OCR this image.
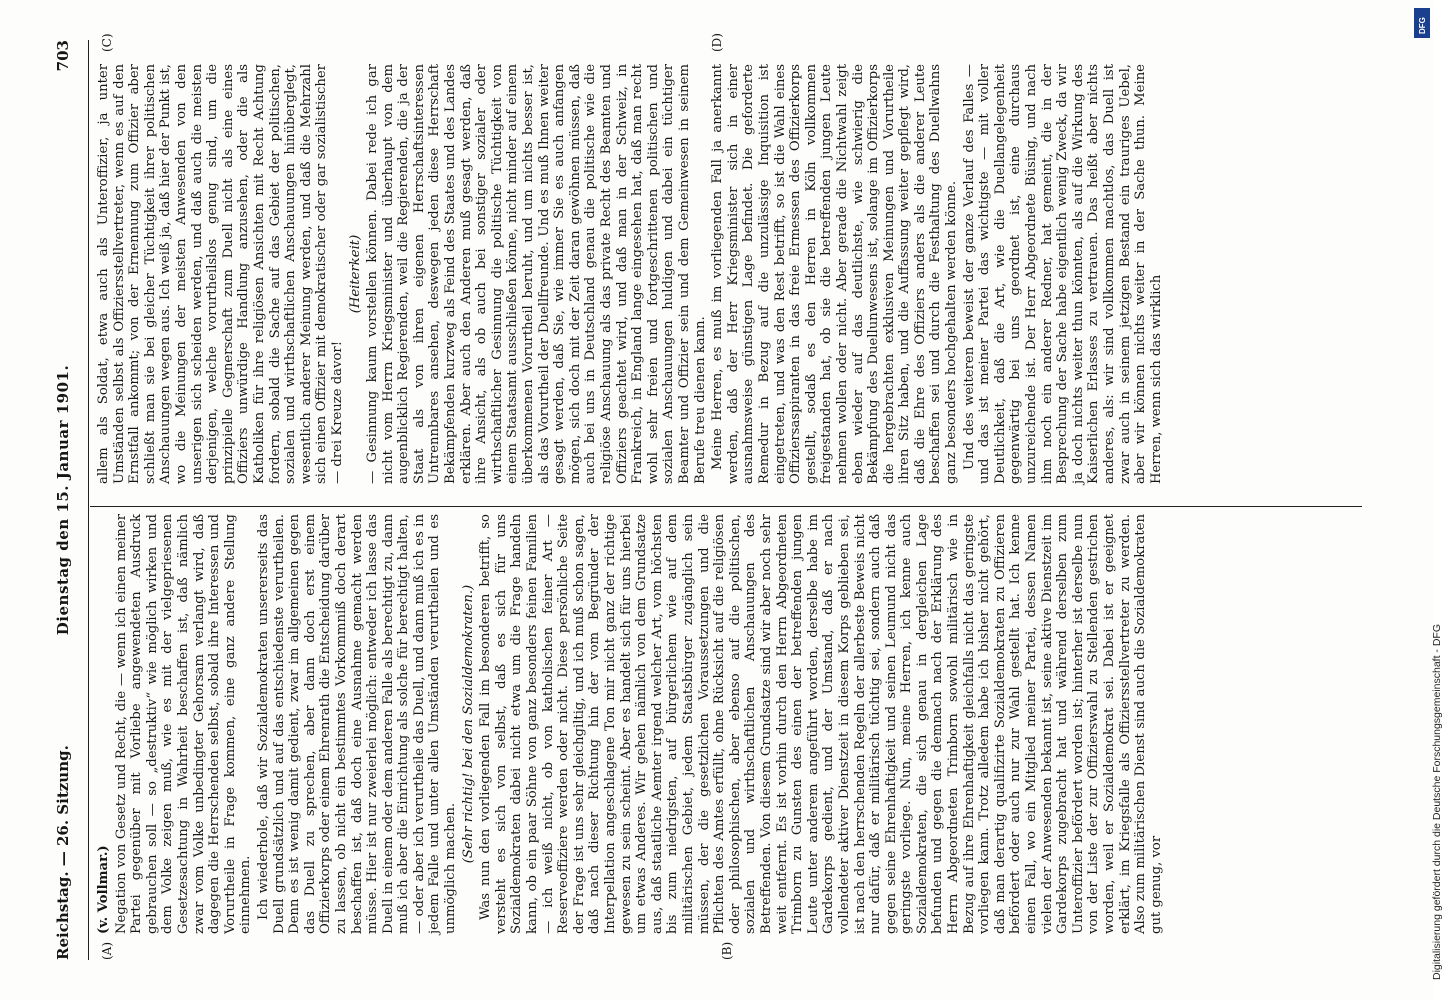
Reichstag. — 26. Sitzung.
Dienstag den 15. Januar 1901.
703
(A)	(B)
(C)	(D)

(v. Vollmar.) Negation von Gesetz und Recht, die — wenn ich einen meiner Partei gegenüber mit Vorliebe angewendeten Ausdruck gebrauchen soll — so „destruktiv“ wie möglich wirken und dem Volke zeigen muß, wie es mit der vielgepriesenen Gesetzesachtung in Wahrheit beschaffen ist, daß nämlich zwar vom Volke unbedingter Gehorsam verlangt wird, daß dagegen die Herrschenden selbst, sobald ihre Interessen und Vorurtheile in Frage kommen, eine ganz andere Stellung einnehmen. Ich wiederhole, daß wir Sozialdemokraten unsererseits das Duell grundsätzlich und auf das entschiedenste verurtheilen. Denn es ist wenig damit gedient, zwar im allgemeinen gegen das Duell zu sprechen, aber dann doch erst einem Offizierkorps oder einem Ehrenrath die Entscheidung darüber zu lassen, ob nicht ein bestimmtes Vorkommniß doch derart beschaffen ist, daß doch eine Ausnahme gemacht werden müsse. Hier ist nur zweierlei möglich: entweder ich lasse das Duell in einem oder dem anderen Falle als berechtigt zu, dann muß ich aber die Einrichtung als solche für berechtigt halten, — oder aber ich verurtheile das Duell, und dann muß ich es in jedem Falle und unter allen Umständen verurtheilen und es unmöglich machen.

(Sehr richtig! bei den Sozialdemokraten.) Was nun den vorliegenden Fall im besonderen betrifft, so versteht es sich von selbst, daß es sich für uns Sozialdemokraten dabei nicht etwa um die Frage handeln kann, ob ein paar Söhne von ganz besonders feinen Familien — ich weiß nicht, ob von katholischen feiner Art — Reserveoffiziere werden oder nicht. Diese persönliche Seite der Frage ist uns sehr gleichgiltig, und ich muß schon sagen, daß nach dieser Richtung hin der vom Begründer der Interpellation angeschlagene Ton mir nicht ganz der richtige gewesen zu sein scheint. Aber es handelt sich für uns hierbei um etwas Anderes. Wir gehen nämlich von dem Grundsatze aus, daß staatliche Aemter irgend welcher Art, vom höchsten bis zum niedrigsten, auf bürgerlichem wie auf dem militärischen Gebiet, jedem Staatsbürger zugänglich sein müssen, der die gesetzlichen Voraussetzungen und die Pflichten des Amtes erfüllt, ohne Rücksicht auf die religiösen oder philosophischen, aber ebenso auf die politischen, sozialen und wirthschaftlichen Anschauungen des Betreffenden. Von diesem Grundsatze sind wir aber noch sehr weit entfernt. Es ist vorhin durch den Herrn Abgeordneten Trimborn zu Gunsten des einen der betreffenden jungen Leute unter anderem angeführt worden, derselbe habe im Gardekorps gedient, und der Umstand, daß er nach vollendeter aktiver Dienstzeit in diesem Korps geblieben sei, ist nach den herrschenden Regeln der allerbeste Beweis nicht nur dafür, daß er militärisch tüchtig sei, sondern auch daß gegen seine Ehrenhaftigkeit und seinen Leumund nicht das geringste vorliege. Nun, meine Herren, ich kenne auch Sozialdemokraten, die sich genau in dergleichen Lage befunden und gegen die demnach nach der Erklärung des Herrn Abgeordneten Trimborn sowohl militärisch wie in Bezug auf ihre Ehrenhaftigkeit gleichfalls nicht das geringste vorliegen kann. Trotz alledem habe ich bisher nicht gehört, daß man derartig qualifizirte Sozialdemokraten zu Offizieren befördert oder auch nur zur Wahl gestellt hat. Ich kenne einen Fall, wo ein Mitglied meiner Partei, dessen Namen vielen der Anwesenden bekannt ist, seine aktive Dienstzeit im Gardekorps zugebracht hat und während derselben zum Unteroffizier befördert worden ist; hinterher ist derselbe nun von der Liste der zur Offizierswahl zu Stellenden gestrichen worden, weil er Sozialdemokrat sei. Dabei ist er geeignet erklärt, im Kriegsfalle als Offiziersstellvertreter zu werden. Also zum militärischen Dienst sind auch die Sozialdemokraten gut genug, vor

allem als Soldat, etwa auch als Unteroffizier, ja unter Umständen selbst als Offiziersstellvertreter, wenn es auf den Ernstfall ankommt; von der Ernennung zum Offizier aber schließt man sie bei gleicher Tüchtigkeit ihrer politischen Anschauungen wegen aus. Ich weiß ja, daß hier der Punkt ist, wo die Meinungen der meisten Anwesenden von den unserigen sich scheiden werden, und daß auch die meisten derjenigen, welche vorurtheilslos genug sind, um die prinzipielle Gegnerschaft zum Duell nicht als eine eines Offiziers unwürdige Handlung anzusehen, oder die als Katholiken für ihre religiösen Ansichten mit Recht Achtung fordern, sobald die Sache auf das Gebiet der politischen, sozialen und wirthschaftlichen Anschauungen hinüberglegt, wesentlich anderer Meinung werden, und daß die Mehrzahl sich einen Offizier mit demokratischer oder gar sozialistischer — drei Kreuze davor!

(Heiterkeit) — Gesinnung kaum vorstellen können. Dabei rede ich gar nicht vom Herrn Kriegsminister und überhaupt von dem augenblicklich Regierenden, weil die Regierenden, die ja der Staat als von ihren eigenen Herrschaftsinteressen Untrennbares ansehen, deswegen jeden diese Herrschaft Bekämpfenden kurzweg als Feind des Staates und des Landes erklären. Aber auch den Anderen muß gesagt werden, daß ihre Ansicht, als ob auch bei sonstiger sozialer oder wirthschaftlicher Gesinnung die politische Tüchtigkeit von einem Staatsamt ausschließen könne, nicht minder auf einem überkommenen Vorurtheil beruht, und um nichts besser ist, als das Vorurtheil der Duellfreunde. Und es muß Ihnen weiter gesagt werden, daß Sie, wie immer Sie es auch anfangen mögen, sich doch mit der Zeit daran gewöhnen müssen, daß auch bei uns in Deutschland genau die politische wie die religiöse Anschauung als das private Recht des Beamten und Offiziers geachtet wird, und daß man in der Schweiz, in Frankreich, in England lange eingesehen hat, daß man recht wohl sehr freien und fortgeschrittenen politischen und sozialen Anschauungen huldigen und dabei ein tüchtiger Beamter und Offizier sein und dem Gemeinwesen in seinem Berufe treu dienen kann. Meine Herren, es muß im vorliegenden Fall ja anerkannt werden, daß der Herr Kriegsminister sich in einer ausnahmsweise günstigen Lage befindet. Die geforderte Remedur in Bezug auf die unzulässige Inquisition ist eingetreten, und was den Rest betrifft, so ist die Wahl eines Offiziersaspiranten in das freie Ermessen des Offizierkorps gestellt, sodaß es den Herren in Köln vollkommen freigestanden hat, ob sie die betreffenden jungen Leute nehmen wollen oder nicht. Aber gerade die Nichtwahl zeigt eben wieder auf das deutlichste, wie schwierig die Bekämpfung des Duellunwesens ist, solange im Offizierkorps die hergebrachten exklusiven Meinungen und Vorurtheile ihren Sitz haben, und die Auffassung weiter gepflegt wird, daß die Ehre des Offiziers anders als die anderer Leute beschaffen sei und durch die Festhaltung des Duellwahns ganz besonders hochgehalten werden könne. Und des weiteren beweist der ganze Verlauf des Falles — und das ist meiner Partei das wichtigste — mit voller Deutlichkeit, daß die Art, wie die Duellangelegenheit gegenwärtig bei uns geordnet ist, eine durchaus unzureichende ist. Der Herr Abgeordnete Büsing, und nach ihm noch ein anderer Redner, hat gemeint, die in der Besprechung der Sache habe eigentlich wenig Zweck, da wir ja doch nichts weiter thun könnten, als auf die Wirkung des Kaiserlichen Erlasses zu vertrauen. Das heißt aber nichts anderes, als: wir sind vollkommen machtlos, das Duell ist zwar auch in seinem jetzigen Bestand ein trauriges Uebel, aber wir können nichts weiter in der Sache thun. Meine Herren, wenn sich das wirklich

DFG
Digitalisierung gefördert durch die Deutsche Forschungsgemeinschaft - DFG
